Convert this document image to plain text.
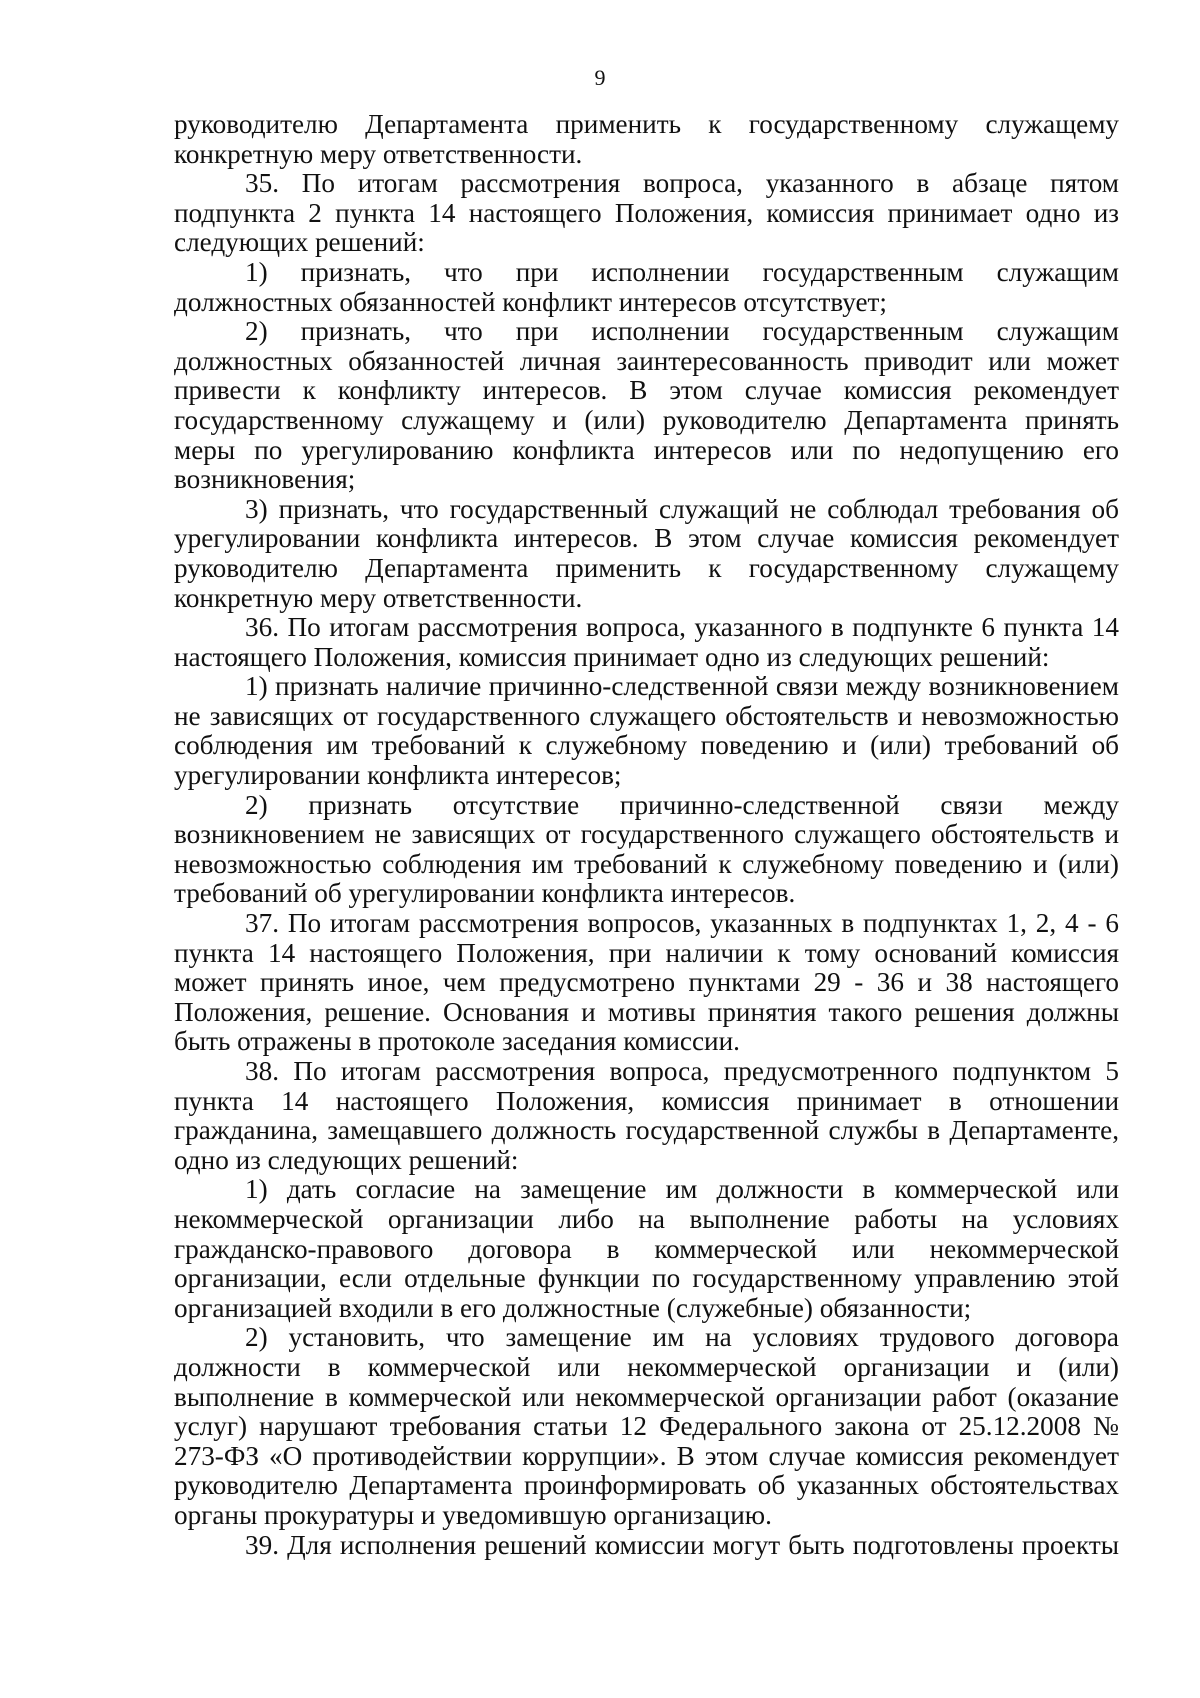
9

руководителю Департамента применить к государственному служащему конкретную меру ответственности.

35. По итогам рассмотрения вопроса, указанного в абзаце пятом подпункта 2 пункта 14 настоящего Положения, комиссия принимает одно из следующих решений:

1) признать, что при исполнении государственным служащим должностных обязанностей конфликт интересов отсутствует;

2) признать, что при исполнении государственным служащим должностных обязанностей личная заинтересованность приводит или может привести к конфликту интересов. В этом случае комиссия рекомендует государственному служащему и (или) руководителю Департамента принять меры по урегулированию конфликта интересов или по недопущению его возникновения;

3) признать, что государственный служащий не соблюдал требования об урегулировании конфликта интересов. В этом случае комиссия рекомендует руководителю Департамента применить к государственному служащему конкретную меру ответственности.

36. По итогам рассмотрения вопроса, указанного в подпункте 6 пункта 14 настоящего Положения, комиссия принимает одно из следующих решений:

1) признать наличие причинно-следственной связи между возникновением не зависящих от государственного служащего обстоятельств и невозможностью соблюдения им требований к служебному поведению и (или) требований об урегулировании конфликта интересов;

2) признать отсутствие причинно-следственной связи между возникновением не зависящих от государственного служащего обстоятельств и невозможностью соблюдения им требований к служебному поведению и (или) требований об урегулировании конфликта интересов.

37. По итогам рассмотрения вопросов, указанных в подпунктах 1, 2, 4 - 6 пункта 14 настоящего Положения, при наличии к тому оснований комиссия может принять иное, чем предусмотрено пунктами 29 - 36 и 38 настоящего Положения, решение. Основания и мотивы принятия такого решения должны быть отражены в протоколе заседания комиссии.

38. По итогам рассмотрения вопроса, предусмотренного подпунктом 5 пункта 14 настоящего Положения, комиссия принимает в отношении гражданина, замещавшего должность государственной службы в Департаменте, одно из следующих решений:

1) дать согласие на замещение им должности в коммерческой или некоммерческой организации либо на выполнение работы на условиях гражданско-правового договора в коммерческой или некоммерческой организации, если отдельные функции по государственному управлению этой организацией входили в его должностные (служебные) обязанности;

2) установить, что замещение им на условиях трудового договора должности в коммерческой или некоммерческой организации и (или) выполнение в коммерческой или некоммерческой организации работ (оказание услуг) нарушают требования статьи 12 Федерального закона от 25.12.2008 № 273-ФЗ «О противодействии коррупции». В этом случае комиссия рекомендует руководителю Департамента проинформировать об указанных обстоятельствах органы прокуратуры и уведомившую организацию.

39. Для исполнения решений комиссии могут быть подготовлены проекты
